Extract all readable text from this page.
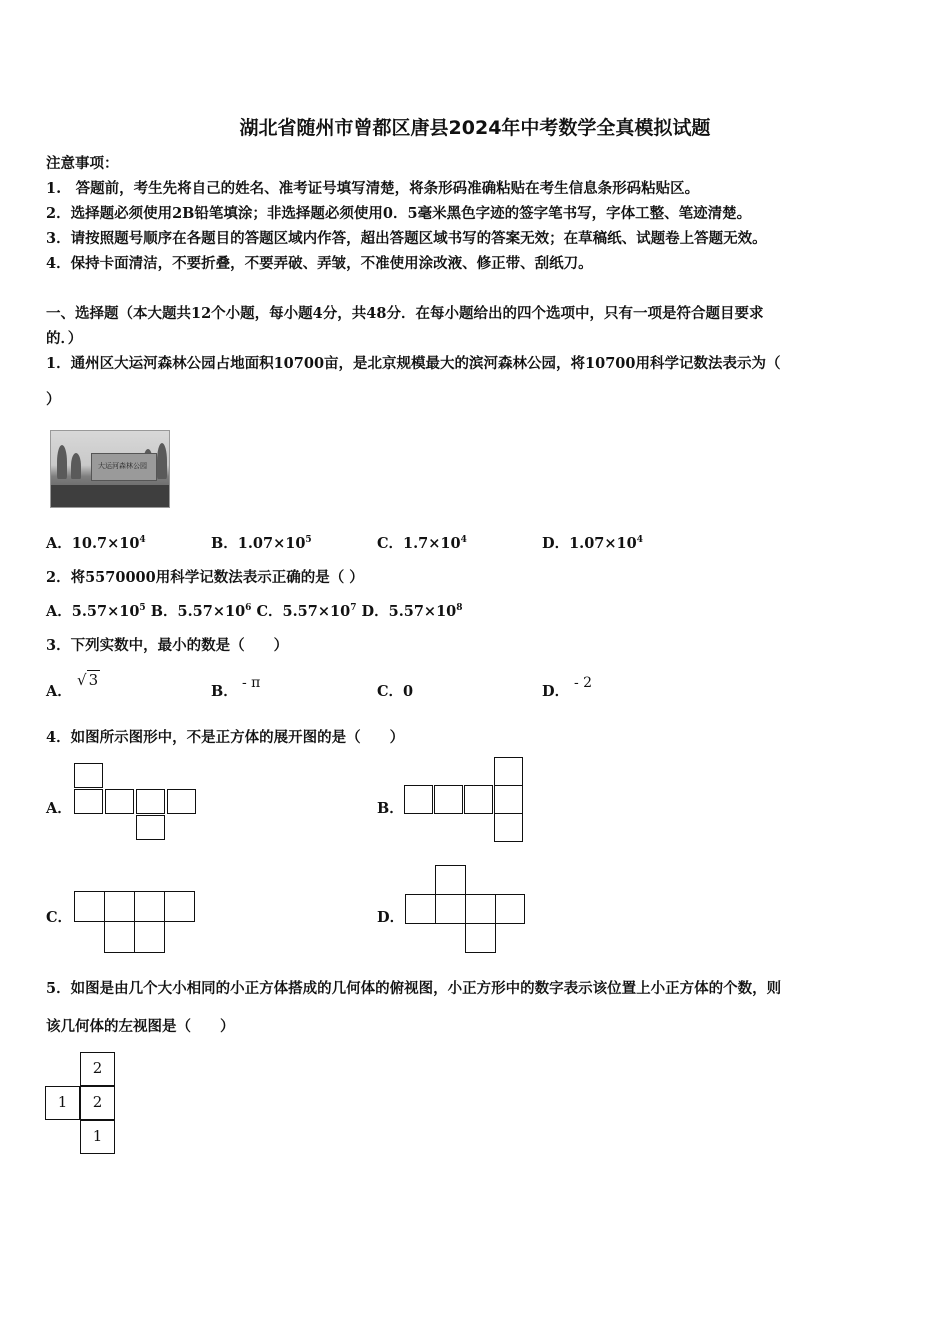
湖北省随州市曾都区唐县2024年中考数学全真模拟试题
注意事项：
1.　答题前，考生先将自己的姓名、准考证号填写清楚，将条形码准确粘贴在考生信息条形码粘贴区。
2．选择题必须使用2B铅笔填涂；非选择题必须使用0．5毫米黑色字迹的签字笔书写，字体工整、笔迹清楚。
3．请按照题号顺序在各题目的答题区域内作答，超出答题区域书写的答案无效；在草稿纸、试题卷上答题无效。
4．保持卡面清洁，不要折叠，不要弄破、弄皱，不准使用涂改液、修正带、刮纸刀。
一、选择题（本大题共12个小题，每小题4分，共48分．在每小题给出的四个选项中，只有一项是符合题目要求
的．）
1．通州区大运河森林公园占地面积10700亩，是北京规模最大的滨河森林公园，将10700用科学记数法表示为（
）
大运河森林公园
A．$10.7\times 10^4$	B．$1.07\times 10^5$	C．$1.7\times 10^4$	D．$1.07\times 10^4$
2．将5570000用科学记数法表示正确的是（ ）
A．$5.57\times 10^5$ B．$5.57\times 10^6$ C．$5.57\times 10^7$ D．$5.57\times 10^8$
3．下列实数中，最小的数是（　　）
A．
√ 3
B． - π	C．0	D． - 2
4．如图所示图形中，不是正方体的展开图的是（　　）
A．	B．
C．	D．
5．如图是由几个大小相同的小正方体搭成的几何体的俯视图，小正方形中的数字表示该位置上小正方体的个数，则
该几何体的左视图是（　　）
2
1	2
1
